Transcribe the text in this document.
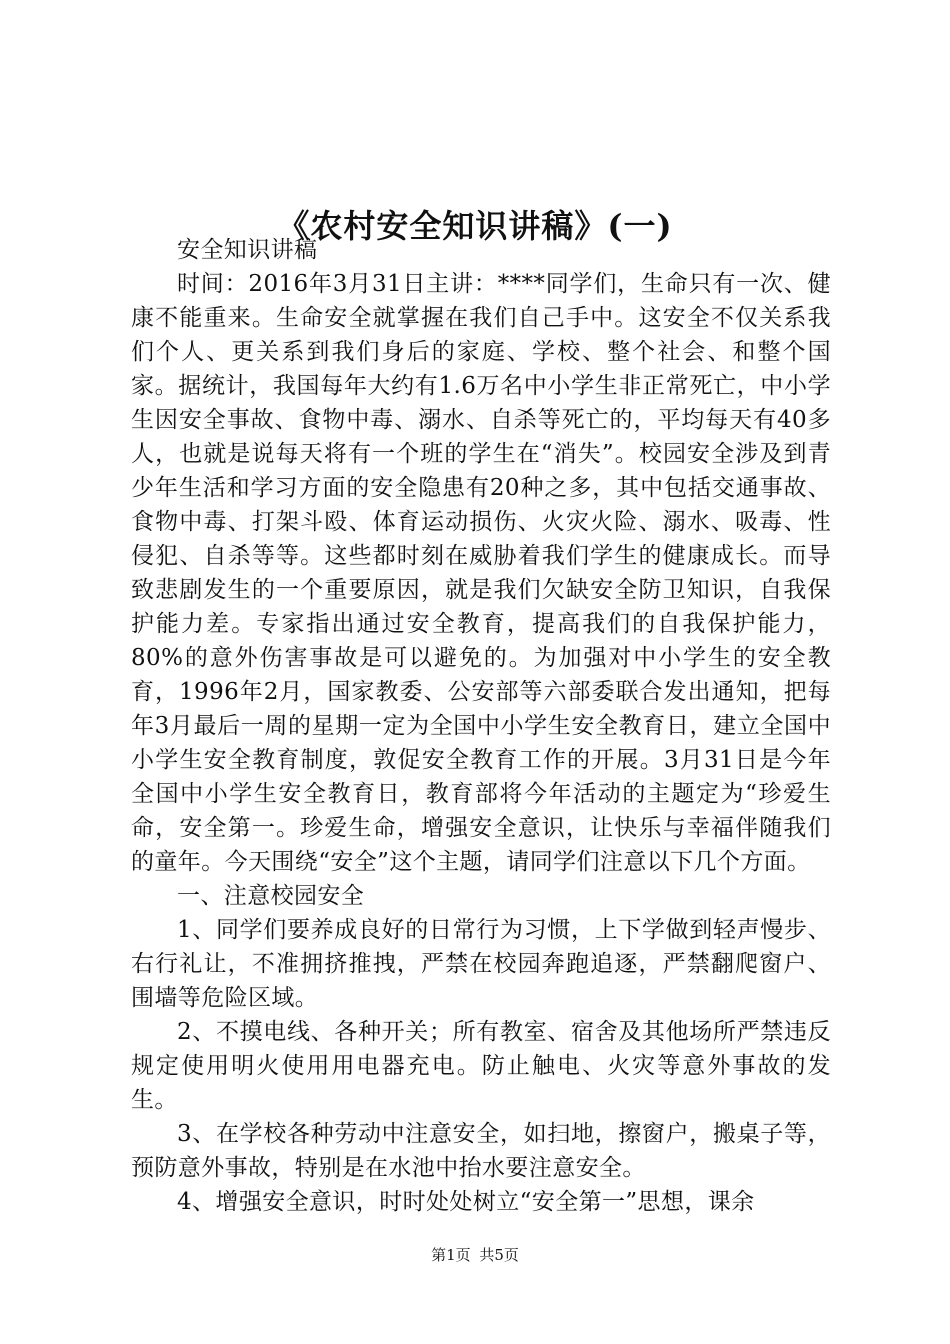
《农村安全知识讲稿》(一)

安全知识讲稿

时间：2016年3月31日主讲：****同学们，生命只有一次、健康不能重来。生命安全就掌握在我们自己手中。这安全不仅关系我们个人、更关系到我们身后的家庭、学校、整个社会、和整个国家。据统计，我国每年大约有1.6万名中小学生非正常死亡，中小学生因安全事故、食物中毒、溺水、自杀等死亡的，平均每天有40多人，也就是说每天将有一个班的学生在“消失”。校园安全涉及到青少年生活和学习方面的安全隐患有20种之多，其中包括交通事故、食物中毒、打架斗殴、体育运动损伤、火灾火险、溺水、吸毒、性侵犯、自杀等等。这些都时刻在威胁着我们学生的健康成长。而导致悲剧发生的一个重要原因，就是我们欠缺安全防卫知识，自我保护能力差。专家指出通过安全教育，提高我们的自我保护能力，80%的意外伤害事故是可以避免的。为加强对中小学生的安全教育，1996年2月，国家教委、公安部等六部委联合发出通知，把每年3月最后一周的星期一定为全国中小学生安全教育日，建立全国中小学生安全教育制度，敦促安全教育工作的开展。3月31日是今年全国中小学生安全教育日，教育部将今年活动的主题定为“珍爱生命，安全第一。珍爱生命，增强安全意识，让快乐与幸福伴随我们的童年。今天围绕“安全”这个主题，请同学们注意以下几个方面。

一、注意校园安全

1、同学们要养成良好的日常行为习惯，上下学做到轻声慢步、右行礼让，不准拥挤推拽，严禁在校园奔跑追逐，严禁翻爬窗户、围墙等危险区域。

2、不摸电线、各种开关；所有教室、宿舍及其他场所严禁违反规定使用明火使用用电器充电。防止触电、火灾等意外事故的发生。

3、在学校各种劳动中注意安全，如扫地，擦窗户，搬桌子等，预防意外事故，特别是在水池中抬水要注意安全。

4、增强安全意识，时时处处树立“安全第一”思想，课余

第1页 共5页
